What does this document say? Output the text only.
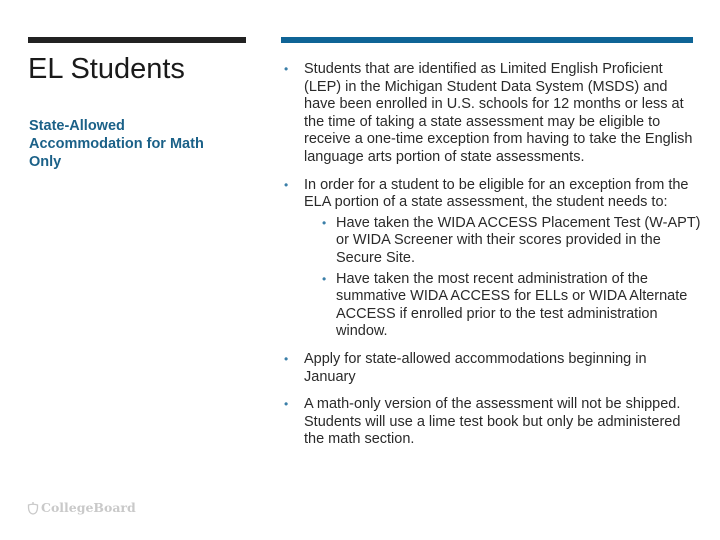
EL Students

State-Allowed Accommodation for Math Only

• Students that are identified as Limited English Proficient (LEP) in the Michigan Student Data System (MSDS) and have been enrolled in U.S. schools for 12 months or less at the time of taking a state assessment may be eligible to receive a one-time exception from having to take the English language arts portion of state assessments.
• In order for a student to be eligible for an exception from the ELA portion of a state assessment, the student needs to:
• Have taken the WIDA ACCESS Placement Test (W-APT) or WIDA Screener with their scores provided in the Secure Site.
• Have taken the most recent administration of the summative WIDA ACCESS for ELLs or WIDA Alternate ACCESS if enrolled prior to the test administration window.
• Apply for state-allowed accommodations beginning in January
• A math-only version of the assessment will not be shipped. Students will use a lime test book but only be administered the math section.
CollegeBoard
